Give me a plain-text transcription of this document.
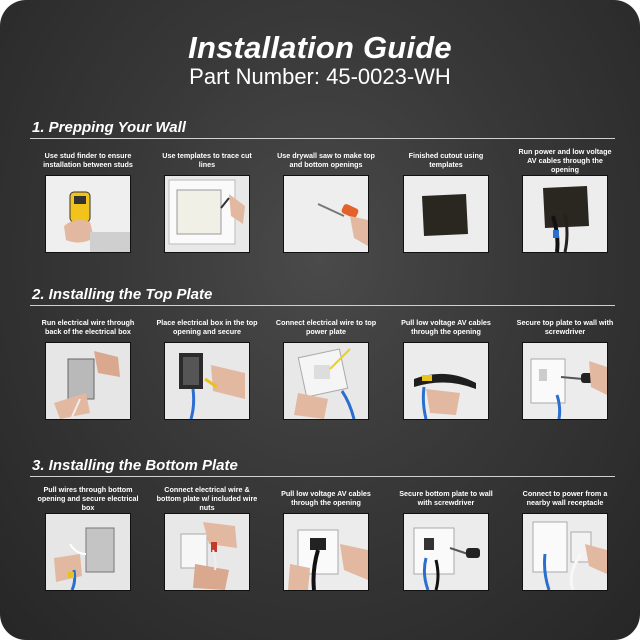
Installation Guide
Part Number: 45-0023-WH
1. Prepping Your Wall
2. Installing the Top Plate
3. Installing the Bottom Plate
Use stud finder to ensure installation between studs
Use templates to trace cut lines
Use drywall saw to make top and bottom openings
Finished cutout using templates
Run power and low voltage AV cables through the opening
Run electrical wire through back of the electrical box
Place electrical box in the top opening and secure
Connect electrical wire to top power plate
Pull low voltage AV cables through the opening
Secure top plate to wall with screwdriver
Pull wires through bottom opening and secure electrical box
Connect electrical wire & bottom plate w/ included wire nuts
Pull low voltage AV cables through the opening
Secure bottom plate to wall with screwdriver
Connect to power from a nearby wall receptacle
